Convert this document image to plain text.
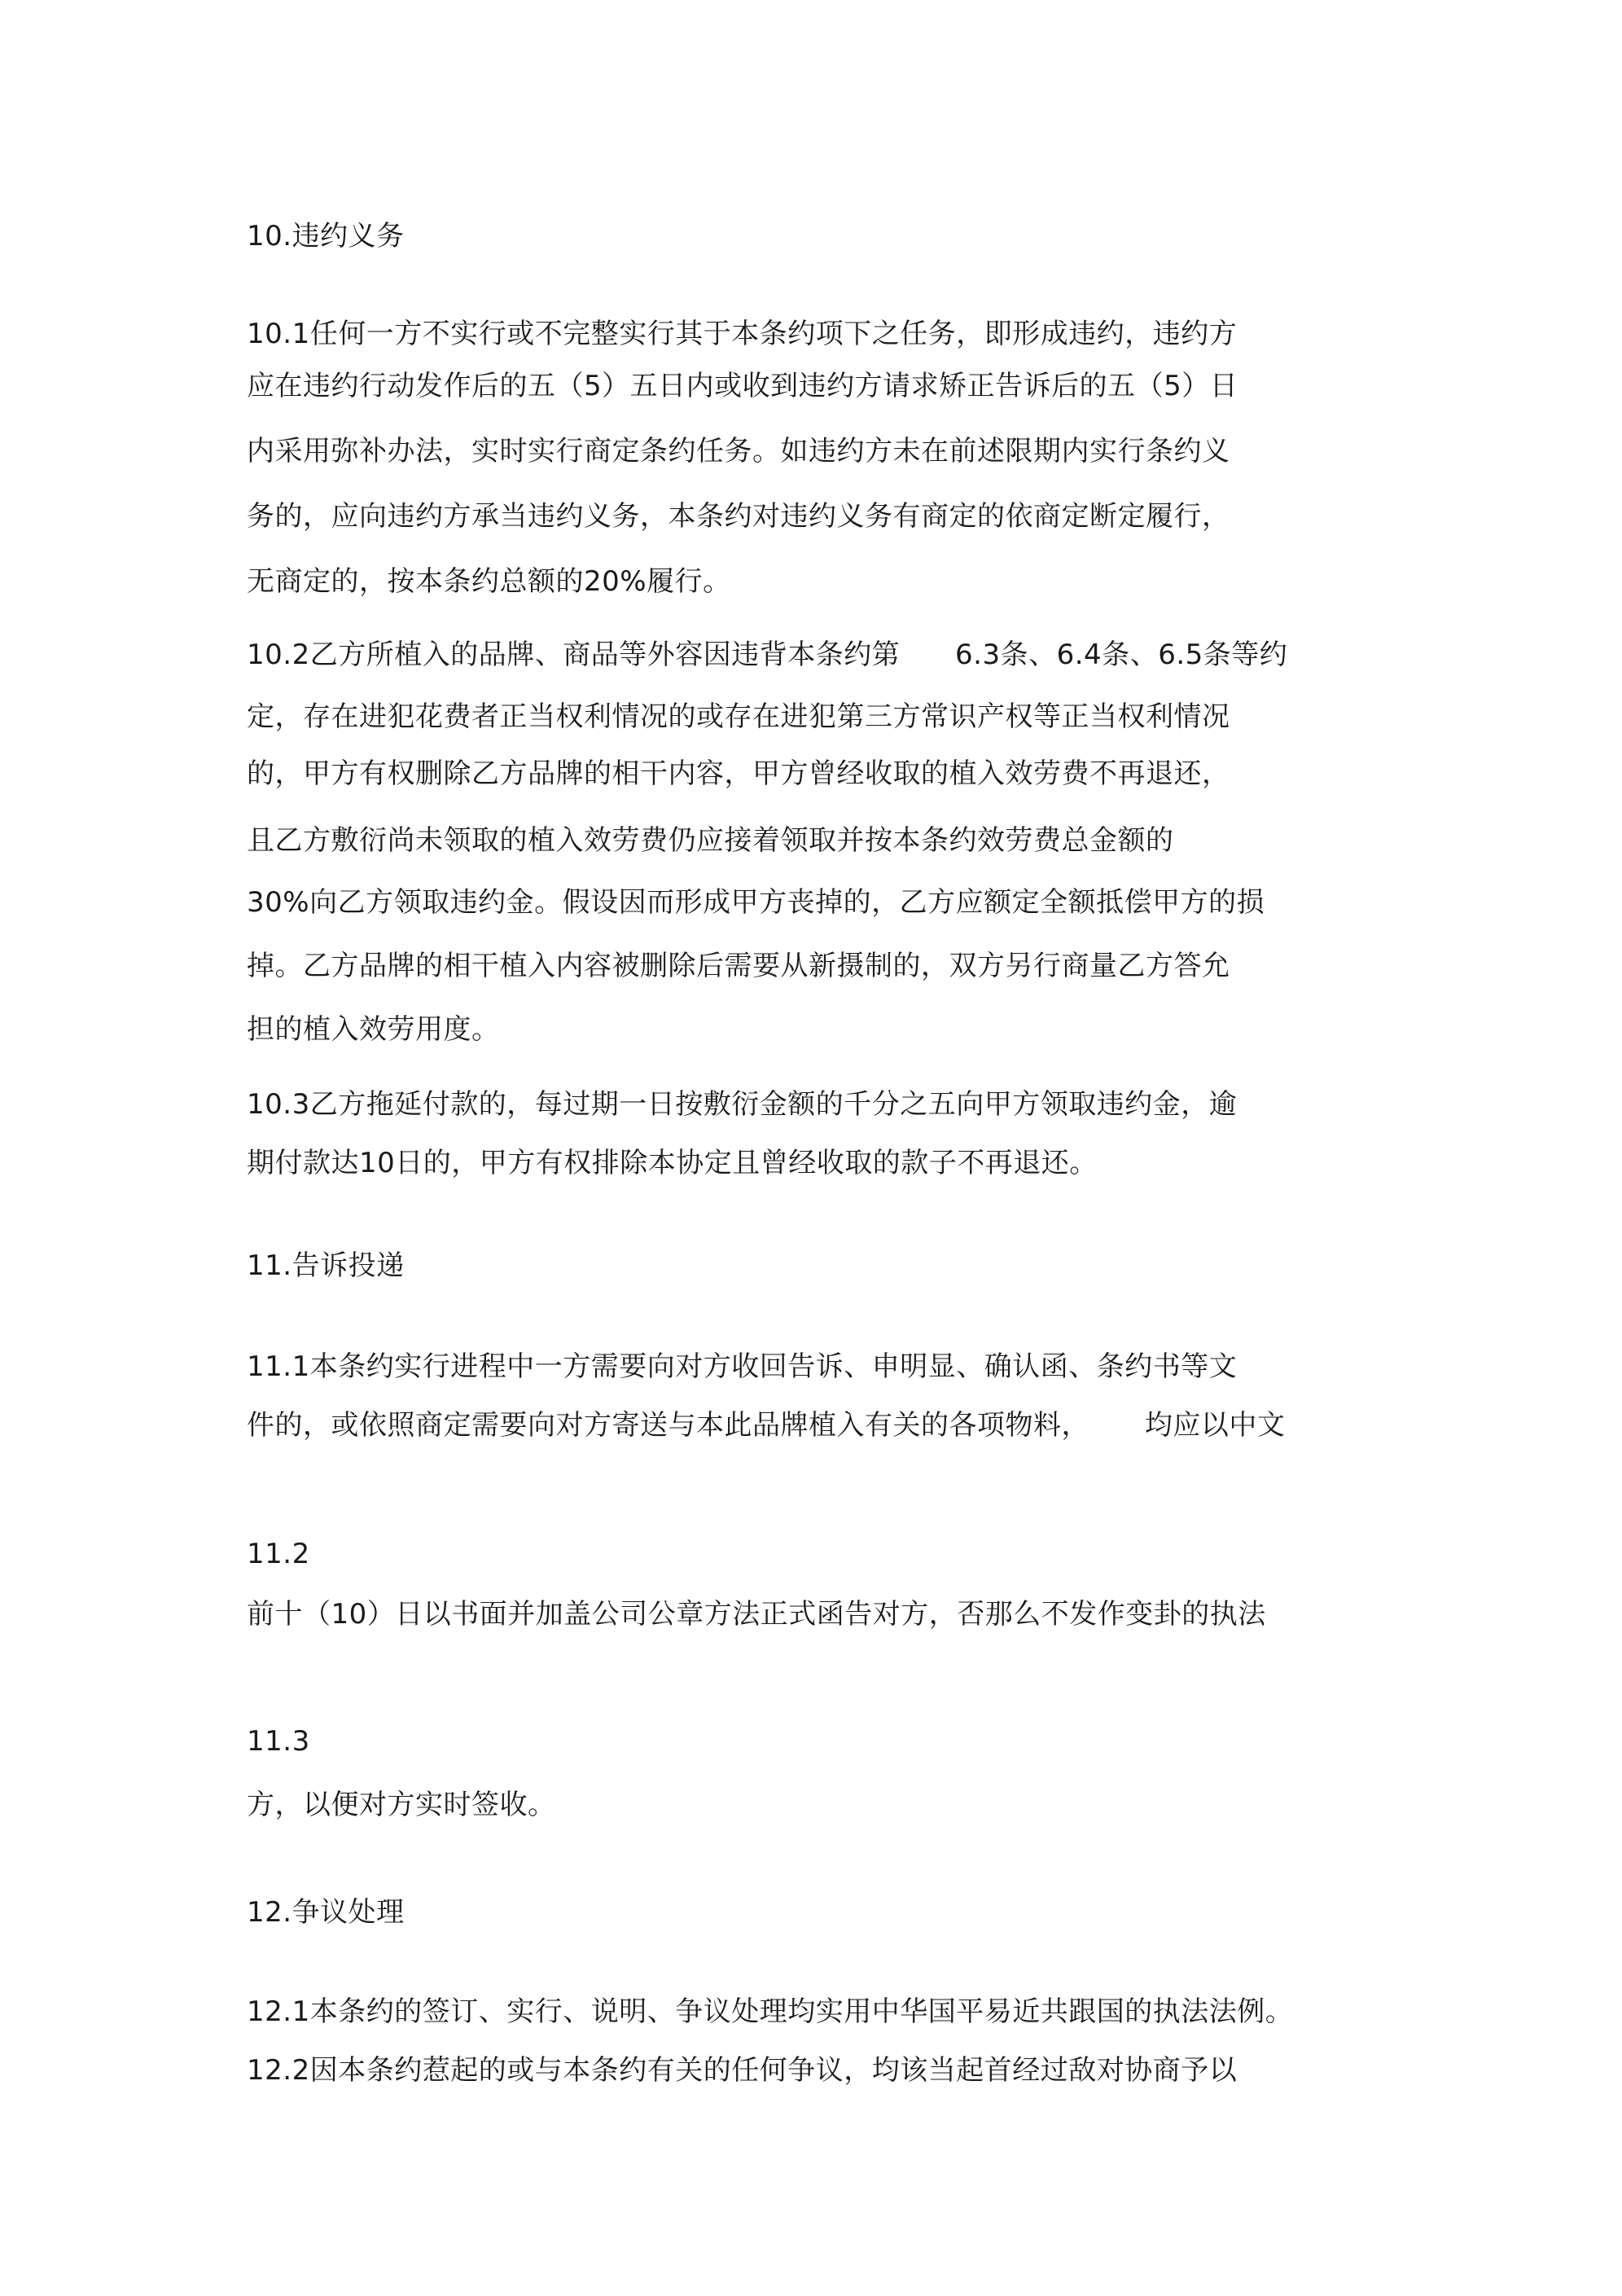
10.违约义务
10.1任何一方不实行或不完整实行其于本条约项下之任务，即形成违约，违约方
应在违约行动发作后的五（5）五日内或收到违约方请求矫正告诉后的五（5）日
内采用弥补办法，实时实行商定条约任务。如违约方未在前述限期内实行条约义
务的，应向违约方承当违约义务，本条约对违约义务有商定的依商定断定履行，
无商定的，按本条约总额的20%履行。
10.2乙方所植入的品牌、商品等外容因违背本条约第      6.3条、6.4条、6.5条等约
定，存在进犯花费者正当权利情况的或存在进犯第三方常识产权等正当权利情况
的，甲方有权删除乙方品牌的相干内容，甲方曾经收取的植入效劳费不再退还，
且乙方敷衍尚未领取的植入效劳费仍应接着领取并按本条约效劳费总金额的
30%向乙方领取违约金。假设因而形成甲方丧掉的，乙方应额定全额抵偿甲方的损
掉。乙方品牌的相干植入内容被删除后需要从新摄制的，双方另行商量乙方答允
担的植入效劳用度。
10.3乙方拖延付款的，每过期一日按敷衍金额的千分之五向甲方领取违约金，逾
期付款达10日的，甲方有权排除本协定且曾经收取的款子不再退还。
11.告诉投递
11.1本条约实行进程中一方需要向对方收回告诉、申明显、确认函、条约书等文
件的，或依照商定需要向对方寄送与本此品牌植入有关的各项物料，      均应以中文
11.2
前十（10）日以书面并加盖公司公章方法正式函告对方，否那么不发作变卦的执法
11.3
方，以便对方实时签收。
12.争议处理
12.1本条约的签订、实行、说明、争议处理均实用中华国平易近共跟国的执法法例。
12.2因本条约惹起的或与本条约有关的任何争议，均该当起首经过敌对协商予以
